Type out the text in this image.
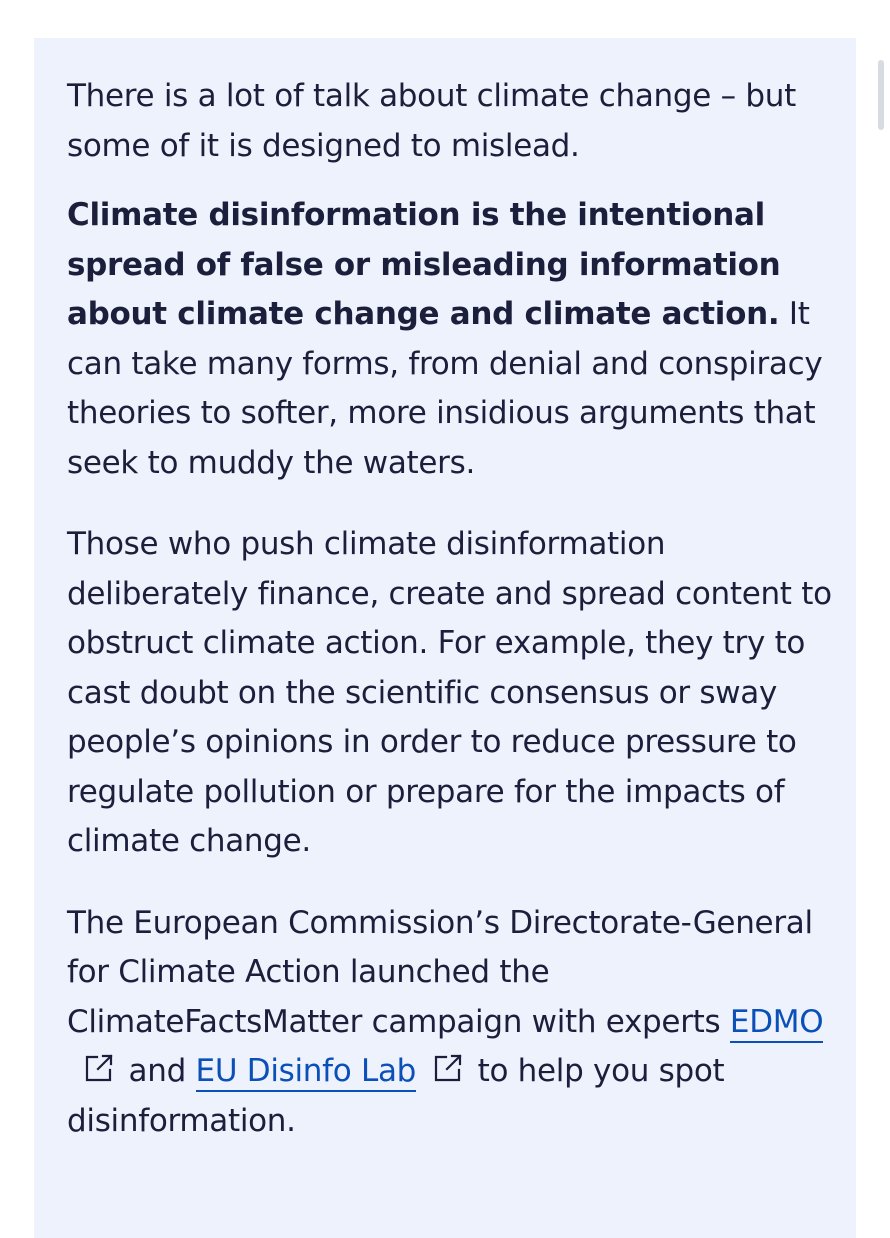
There is a lot of talk about climate change – but some of it is designed to mislead.

Climate disinformation is the intentional spread of false or misleading information about climate change and climate action. It can take many forms, from denial and conspiracy theories to softer, more insidious arguments that seek to muddy the waters.

Those who push climate disinformation deliberately finance, create and spread content to obstruct climate action. For example, they try to cast doubt on the scientific consensus or sway people’s opinions in order to reduce pressure to regulate pollution or prepare for the impacts of climate change.

The European Commission’s Directorate-General for Climate Action launched the ClimateFactsMatter campaign with experts EDMO
and EU Disinfo Lab
to help you spot disinformation.
